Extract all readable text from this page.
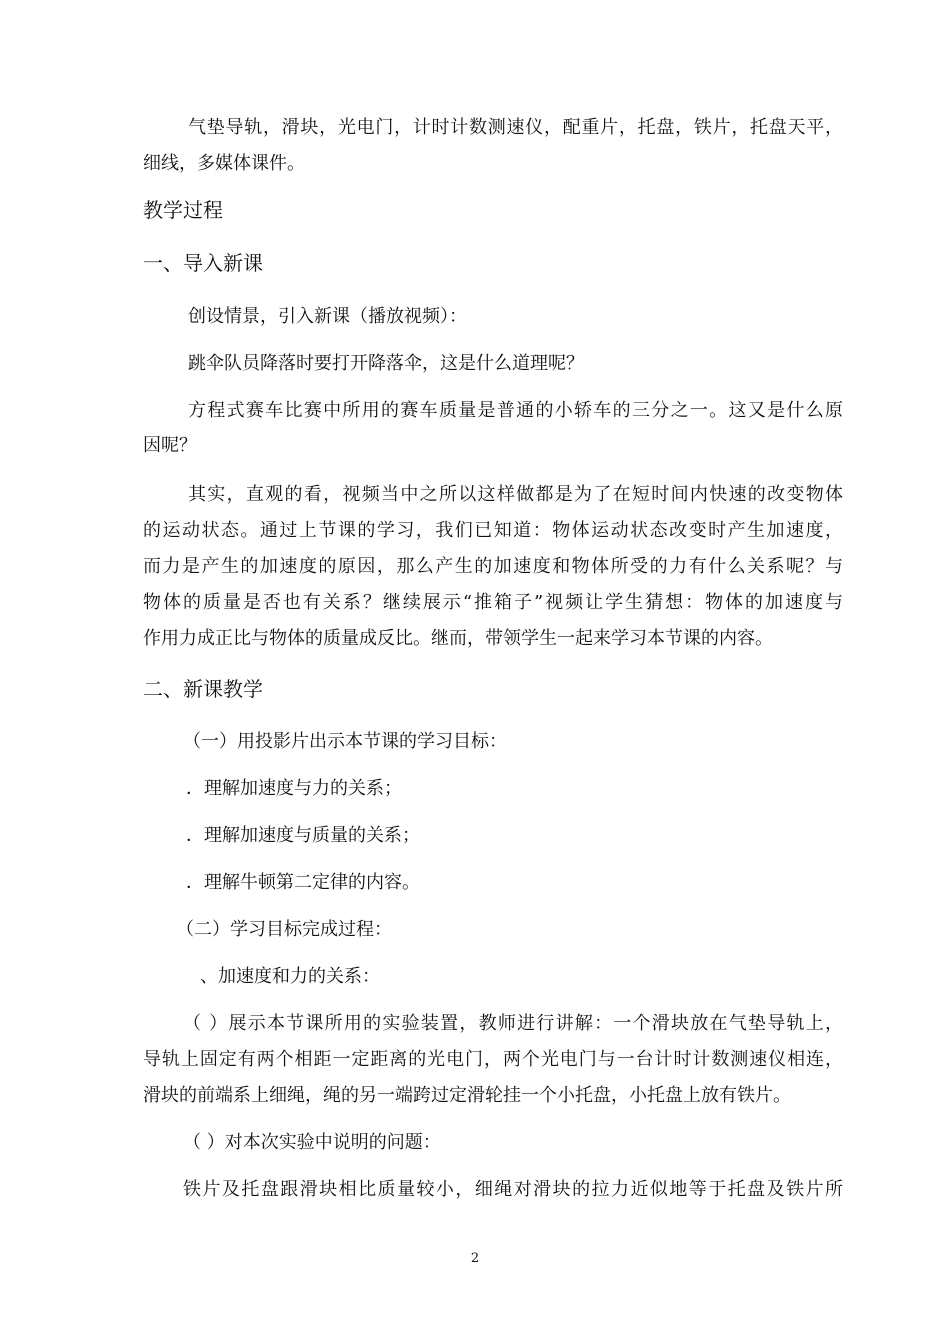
气垫导轨，滑块，光电门，计时计数测速仪，配重片，托盘，铁片，托盘天平，
细线，多媒体课件。
教学过程
一、导入新课
创设情景，引入新课（播放视频）：
跳伞队员降落时要打开降落伞，这是什么道理呢？
方程式赛车比赛中所用的赛车质量是普通的小轿车的三分之一。这又是什么原
因呢？
其实，直观的看，视频当中之所以这样做都是为了在短时间内快速的改变物体
的运动状态。通过上节课的学习，我们已知道：物体运动状态改变时产生加速度，
而力是产生的加速度的原因，那么产生的加速度和物体所受的力有什么关系呢？与
物体的质量是否也有关系？继续展示“推箱子”视频让学生猜想：物体的加速度与
作用力成正比与物体的质量成反比。继而，带领学生一起来学习本节课的内容。
二、新课教学
（一）用投影片出示本节课的学习目标：
．理解加速度与力的关系；
．理解加速度与质量的关系；
．理解牛顿第二定律的内容。
（二）学习目标完成过程：
、加速度和力的关系：
（ ）展示本节课所用的实验装置，教师进行讲解：一个滑块放在气垫导轨上，
导轨上固定有两个相距一定距离的光电门，两个光电门与一台计时计数测速仪相连，
滑块的前端系上细绳，绳的另一端跨过定滑轮挂一个小托盘，小托盘上放有铁片。
（ ）对本次实验中说明的问题：
铁片及托盘跟滑块相比质量较小，细绳对滑块的拉力近似地等于托盘及铁片所
2
